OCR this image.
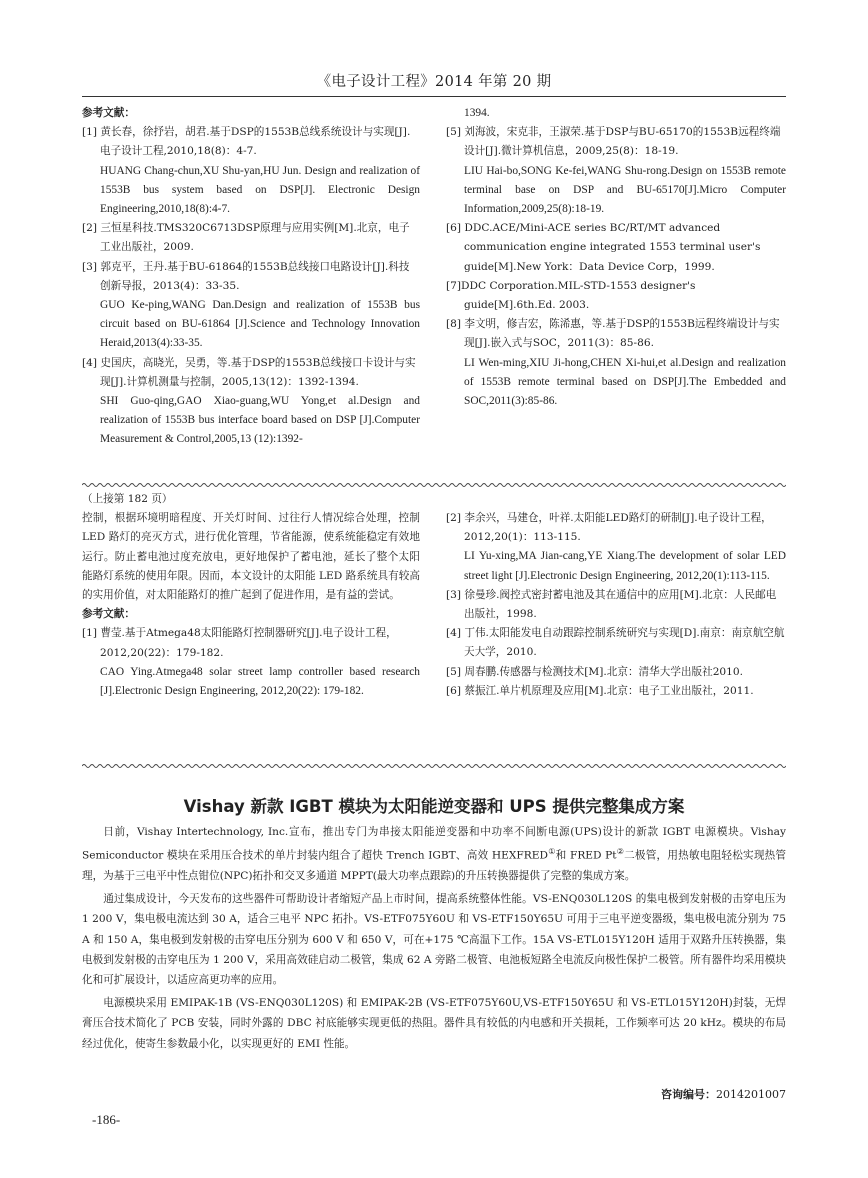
《电子设计工程》2014 年第 20 期

参考文献：

[1] 黄长春，徐抒岩，胡君.基于DSP的1553B总线系统设计与实现[J].电子设计工程,2010,18(8)：4-7.

HUANG Chang-chun,XU Shu-yan,HU Jun. Design and realization of 1553B bus system based on DSP[J]. Electronic Design Engineering,2010,18(8):4-7.

[2] 三恒星科技.TMS320C6713DSP原理与应用实例[M].北京，电子工业出版社，2009.

[3] 郭克平，王丹.基于BU-61864的1553B总线接口电路设计[J].科技创新导报，2013(4)：33-35.

GUO Ke-ping,WANG Dan.Design and realization of 1553B bus circuit based on BU-61864 [J].Science and Technology Innovation Heraid,2013(4):33-35.

[4] 史国庆，高晓光，吴勇，等.基于DSP的1553B总线接口卡设计与实现[J].计算机测量与控制，2005,13(12)：1392-1394.

SHI Guo-qing,GAO Xiao-guang,WU Yong,et al.Design and realization of 1553B bus interface board based on DSP [J].Computer Measurement & Control,2005,13 (12):1392-

1394.

[5] 刘海波，宋克非，王淑荣.基于DSP与BU-65170的1553B远程终端设计[J].微计算机信息，2009,25(8)：18-19.

LIU Hai-bo,SONG Ke-fei,WANG Shu-rong.Design on 1553B remote terminal base on DSP and BU-65170[J].Micro Computer Information,2009,25(8):18-19.

[6] DDC.ACE/Mini-ACE series BC/RT/MT advanced communication engine integrated 1553 terminal user's guide[M].New York：Data Device Corp，1999.

[7]DDC Corporation.MIL-STD-1553 designer's guide[M].6th.Ed. 2003.

[8] 李文明，修吉宏，陈浠惠，等.基于DSP的1553B远程终端设计与实现[J].嵌入式与SOC，2011(3)：85-86.

LI Wen-ming,XIU Ji-hong,CHEN Xi-hui,et al.Design and realization of 1553B remote terminal based on DSP[J].The Embedded and SOC,2011(3):85-86.

（上接第 182 页）

控制，根据环境明暗程度、开关灯时间、过往行人情况综合处理，控制 LED 路灯的亮灭方式，进行优化管理，节省能源，使系统能稳定有效地运行。防止蓄电池过度充放电，更好地保护了蓄电池，延长了整个太阳能路灯系统的使用年限。因而，本文设计的太阳能 LED 路系统具有较高的实用价值，对太阳能路灯的推广起到了促进作用，是有益的尝试。

参考文献：

[1] 曹莹.基于Atmega48太阳能路灯控制器研究[J].电子设计工程，2012,20(22)：179-182.

CAO Ying.Atmega48 solar street lamp controller based research [J].Electronic Design Engineering, 2012,20(22): 179-182.

[2] 李余兴，马建仓，叶祥.太阳能LED路灯的研制[J].电子设计工程，2012,20(1)：113-115.

LI Yu-xing,MA Jian-cang,YE Xiang.The development of solar LED street light [J].Electronic Design Engineering, 2012,20(1):113-115.

[3] 徐曼珍.阀控式密封蓄电池及其在通信中的应用[M].北京：人民邮电出版社，1998.

[4] 丁伟.太阳能发电自动跟踪控制系统研究与实现[D].南京：南京航空航天大学，2010.

[5] 周春鹏.传感器与检测技术[M].北京：清华大学出版社2010.

[6] 蔡振江.单片机原理及应用[M].北京：电子工业出版社，2011.

Vishay 新款 IGBT 模块为太阳能逆变器和 UPS 提供完整集成方案

日前，Vishay Intertechnology, Inc.宣布，推出专门为串接太阳能逆变器和中功率不间断电源(UPS)设计的新款 IGBT 电源模块。Vishay Semiconductor 模块在采用压合技术的单片封装内组合了超快 Trench IGBT、高效 HEXFRED①和 FRED Pt②二极管，用热敏电阻轻松实现热管理，为基于三电平中性点钳位(NPC)拓扑和交叉多通道 MPPT(最大功率点跟踪)的升压转换器提供了完整的集成方案。

通过集成设计，今天发布的这些器件可帮助设计者缩短产品上市时间，提高系统整体性能。VS-ENQ030L120S 的集电极到发射极的击穿电压为 1 200 V，集电极电流达到 30 A，适合三电平 NPC 拓扑。VS-ETF075Y60U 和 VS-ETF150Y65U 可用于三电平逆变器级，集电极电流分别为 75 A 和 150 A，集电极到发射极的击穿电压分别为 600 V 和 650 V，可在+175 ℃高温下工作。15A VS-ETL015Y120H 适用于双路升压转换器，集电极到发射极的击穿电压为 1 200 V，采用高效硅启动二极管，集成 62 A 旁路二极管、电池板短路全电流反向极性保护二极管。所有器件均采用模块化和可扩展设计，以适应高更功率的应用。

电源模块采用 EMIPAK-1B (VS-ENQ030L120S) 和 EMIPAK-2B (VS-ETF075Y60U,VS-ETF150Y65U 和 VS-ETL015Y120H)封装，无焊膏压合技术简化了 PCB 安装，同时外露的 DBC 衬底能够实现更低的热阻。器件具有较低的内电感和开关损耗，工作频率可达 20 kHz。模块的布局经过优化，使寄生参数最小化，以实现更好的 EMI 性能。

咨询编号：2014201007
-186-
